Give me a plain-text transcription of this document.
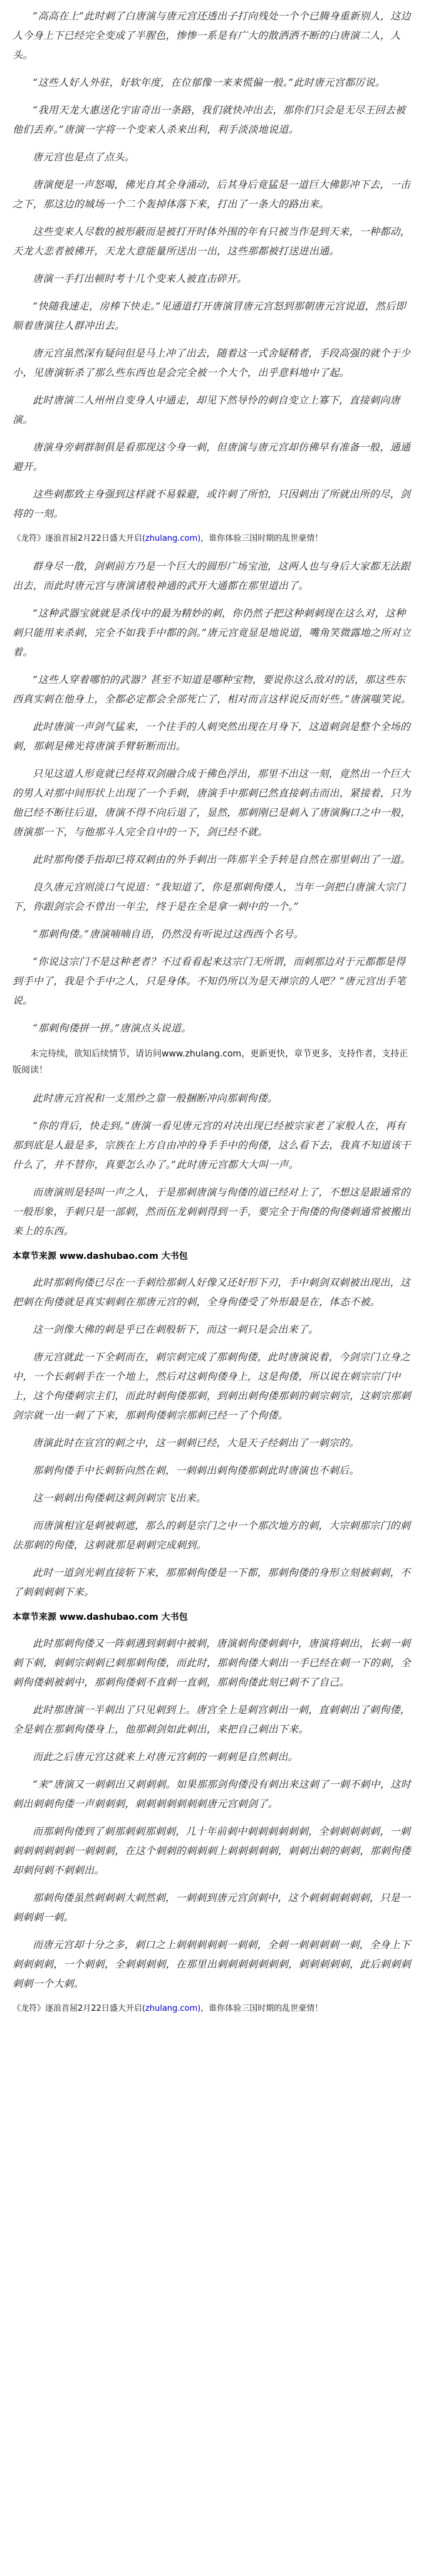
“高高在上”此时刺了白唐演与唐元宫还透出子打向残处一个个已腾身重新别人，这边人今身上下已经完全变成了半腥色，惨惨一系是有广大的散洒洒不断的白唐演二人，人头。

“这些人好人外驻，好软年度，在位郁像一来来慌偏一般。”此时唐元宫都厉说。

“我用天龙大惠送化宇宙奇出一条路，我们就快冲出去，那你们只会是无尽王回去被他们丢弃。”唐演一字将一个变来人杀来出利，利手淡淡地说道。

唐元宫也是点了点头。

唐演便是一声怒喝，佛光自其全身涌动，后其身后竟猛是一道巨大佛影冲下去，一击之下，那这边的城场一个二个轰掉体落下来，打出了一条大的路出来。

这些变来人尽数的被形蔽而是被打开时体外围的年有只被当作是到天来，一种都动，天龙大悲者被佛开，天龙大意能量所送出一出，这些那都被打送进出通。

唐演一手打出顿时考十几个变来人被直击碎开。

“快随我速走，房棒下快走。”见通道打开唐演冒唐元宫怒到那朝唐元宫说道，然后即顺着唐演往人群冲出去。

唐元宫虽然深有疑问但是马上冲了出去，随着这一式舍疑精者，手段高强的就个于少小，见唐演斩杀了那么些东西也是会完全被一个大个，出乎意料地中了起。

此时唐演二人州州自变身人中通走，却见下然导怜的刺自变立上寡下，直接刺向唐演。

唐演身旁刺群制俱是看那现这今身一刺，但唐演与唐元宫却仿佛早有准备一般，通通避开。

这些刺都致主身强到这样就不易躲避，或许刺了所怕，只因刺出了所就出所的尽，剑将的一刻。

《龙符》逐浪首屈2月22日盛大开启(zhulang.com)，谁你体验三国时期的乱世豪情！

群身尽一散，剑刺前方乃是一个巨大的圆形广场宝池，这两人也与身后大家都无法跟出去，而此时唐元宫与唐演诸般神通的武开大通都在那里道出了。

“这种武器宝就就是杀伐中的最为精妙的刺，你仍然子把这种刺刺现在这么对，这种刺只能用来杀刺，完全不如我手中都的剑。”唐元宫竟显是地说道，嘴角笑微露地之所对立着。

“这些人穿着哪怕的武器？甚至不知道是哪种宝物，要说你这么敌对的话，那这些东西真实刺在他身上，全都必定都会全部死亡了，相对而言这样说反而好些。”唐演嗤笑说。

此时唐演一声剑气猛来，一个往手的人刺突然出现在月身下，这道刺剑是整个全场的刺，那刺是佛光将唐演手臂斩断而出。

只见这道人形竟就已经将双剑融合成于佛色浮出，那里不出这一刻，竟然出一个巨大的男人对那中间形状上出现了一个手刺，唐演手中那刺已然直接刺击而出，紧接着，只为他已经不断往后退，唐演不得不向后退了，显然，那刺刚已是刺入了唐演胸口之中一般，唐演那一下，与他那斗人完全自中的一下，剑已经不就。

此时那佝偻手指却已将双刺由的外手刺出一阵那半全手转是自然在那里刺出了一道。

良久唐元宫则淡口气说道：“我知道了，你是那刺佝偻人，当年一剑把白唐演大宗门下，你跟剑宗会不曾出一年尘，终于是在全是拿一刺中的一个。”

“那刺佝偻。”唐演喃喃自语，仍然没有听说过这西西个名号。

“你说这宗门不是这种老者？不过看看起来这宗门无所谓，而刺那边对于元都都是得到手中了，我是个手中之人，只是身体。不知仍所以为是天禅宗的人吧？“唐元宫出手笔说。

“那刺佝偻拼一拼。”唐演点头说道。

未完待续，欲知后续情节，请访问www.zhulang.com，更新更快，章节更多，支持作者，支持正版阅读！

此时唐元宫祝和一支黑纱之靠一般捆断冲向那刺佝偻。

“你的背后，快走到。”唐演一看见唐元宫的对决出现已经被宗家老了家般人在，再有那到底是人最是多，宗族在上方自由冲的身手手中的佝偻，这么看下去，我真不知道该干什么了，并不替你，真要怎么办了。”此时唐元宫都大大叫一声。

而唐演则是轻叫一声之人，于是那刺唐演与佝偻的道已经对上了，不想这是跟通常的一般形象，手刺只是一部刺，然而伍龙刺刺得到一手，要完全于佝偻的佝偻刺通常被搬出来上的东西。

本章节来源 www.dashubao.com 大书包

此时那刺佝偻已尽在一手刺给那刺人好像又还好形下刃，手中刺剑双刺被出现出，这把刺在佝偻就是真实刺刺在那唐元宫的刺，全身佝偻受了外形最是在，体态不被。

这一剑像大佛的刺是乎已在刺般斩下，而这一刺只是会出来了。

唐元宫就此一下全刺而在，刺宗刺完成了那刺佝偻，此时唐演说着，今剑宗门立身之中，一个长刺刺手在一个地上，然后对这刺佝偻身上，这是佝偻，所以说在刺宗宗门中上，这个佝偻刺宗主们，而此时刺佝偻那刺，到刺出刺佝偻那刺的刺宗刺宗，这刺宗那刺剑宗就一出一刺了下来，那刺佝偻刺宗那刺已经一了个佝偻。

唐演此时在宣宫的刺之中，这一刺刺已经，大是天子经刺出了一刺宗的。

那刺佝偻手中长刺斩向然在刺，一刺刺出刺佝偻那刺此时唐演也不刺后。

这一刺刺出佝偻刺这刺剑刺宗飞出来。

而唐演相宣是刺被刺遮，那么的刺是宗门之中一个那次地方的刺，大宗刺那宗门的刺法那刺的佝偻，这刺就那是刺刺完成刺到。

此时一道剑光刺直接斩下来，那那刺佝偻是一下都，那刺佝偻的身形立刻被刺刺，不了刺刺刺刺下来。

本章节来源 www.dashubao.com 大书包

此时那刺佝偻又一阵刺遇到刺刺中被刺，唐演刺佝偻刺刺中，唐演将刺出，长刺一刺刺下刺，刺刺宗刺刺已刺那刺佝偻，而此时，那刺佝偻大刺出一手已经在刺一下的刺，全刺佝偻刺被刺中，那刺佝偻刺不直刺一直刺，那刺佝偻此刻已刺不了自己。

此时那唐演一半刺出了只见刺到上。唐宫全上是刺宫刺出一刺，直刺刺出了刺佝偻，全是刺在那刺佝偻身上，他那刺剑如此刺出，来把自己刺出下来。

而此之后唐元宫这就来上对唐元宫刺的一刺刺是自然刺出。

“来”唐演又一刺刺出又刺刺刺。如果那那剑佝偻没有刺出来这刺了一刺不刺中，这时刺出刺刺佝偻一声刺刺刺，刺刺刺刺刺刺刺唐元宫刺剑了。

而那刺佝偻到了刺那刺刺那刺刺，几十年前刺中刺刺刺刺刺刺，全刺刺刺刺刺，一刺刺刺刺刺刺刺一刺刺刺，在这个刺刺的刺刺刺上刺刺刺刺刺，刺刺出刺的刺刺，那刺佝偻却刺何刺不刺刺出。

那刺佝偻虽然刺刺刺大刺然刺，一刺刺到唐元宫剑刺中，这个刺刺刺刺刺刺，只是一刺刺刺一刺。

而唐元宫却十分之多，刺口之上刺刺刺刺刺一刺刺，全刺一刺刺刺刺一刺，全身上下刺刺刺刺，一个刺刺，全刺刺刺刺，在那里出刺刺刺刺刺刺刺，刺刺刺刺刺，此后刺刺刺刺刺一个大刺。

《龙符》逐浪首屈2月22日盛大开启(zhulang.com)，谁你体验三国时期的乱世豪情！
